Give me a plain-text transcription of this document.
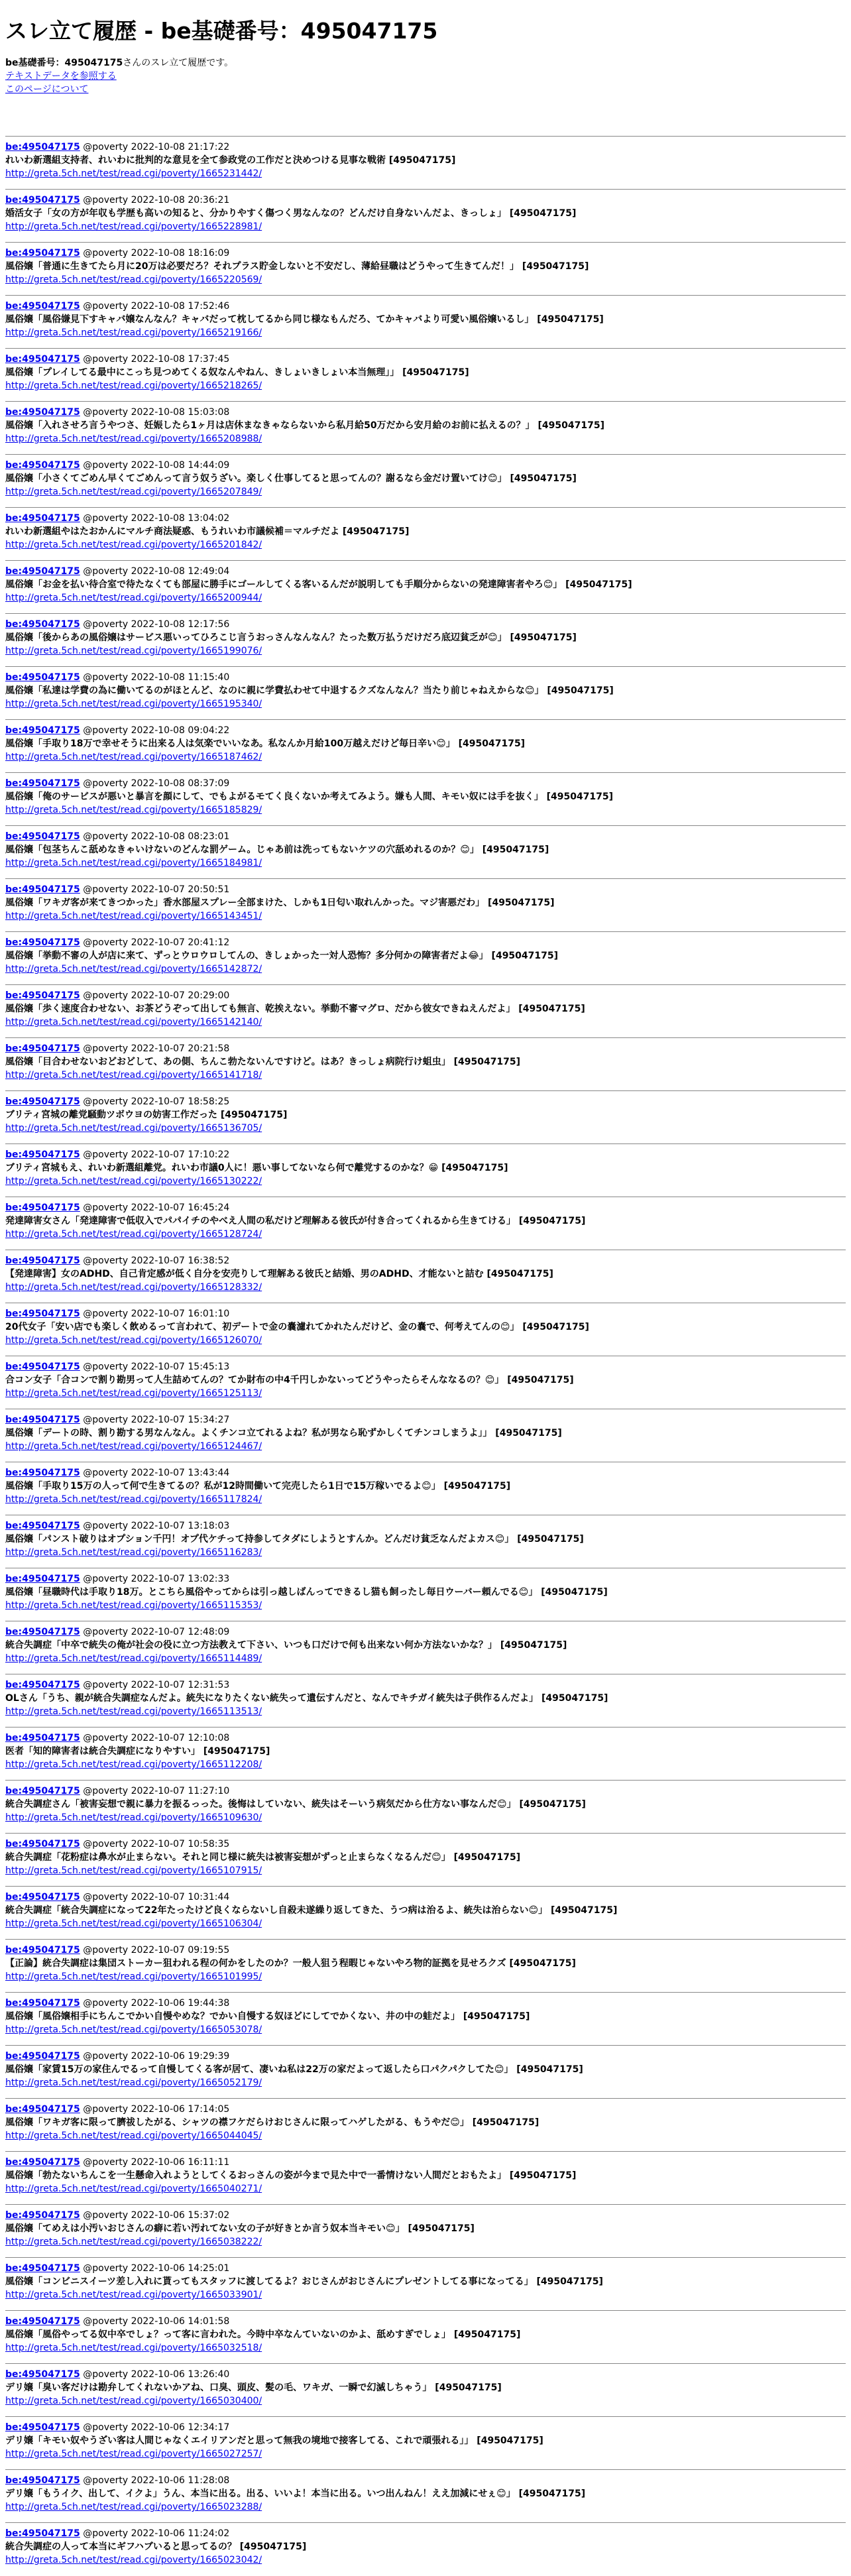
スレ立て履歴 - be基礎番号：495047175

be基礎番号：495047175さんのスレ立て履歴です。

テキストデータを参照する
このページについて
be:495047175 @poverty 2022-10-08 21:17:22
れいわ新選組支持者、れいわに批判的な意見を全て参政党の工作だと決めつける見事な戦術 [495047175]
http://greta.5ch.net/test/read.cgi/poverty/1665231442/
be:495047175 @poverty 2022-10-08 20:36:21
婚活女子「女の方が年収も学歴も高いの知ると、分かりやすく傷つく男なんなの？どんだけ自身ないんだよ、きっしょ」 [495047175]
http://greta.5ch.net/test/read.cgi/poverty/1665228981/
be:495047175 @poverty 2022-10-08 18:16:09
風俗嬢「普通に生きてたら月に20万は必要だろ？それプラス貯金しないと不安だし、薄給昼職はどうやって生きてんだ！」 [495047175]
http://greta.5ch.net/test/read.cgi/poverty/1665220569/
be:495047175 @poverty 2022-10-08 17:52:46
風俗嬢「風俗嫌見下すキャバ嬢なんなん？キャバだって枕してるから同じ様なもんだろ、てかキャバより可愛い風俗嬢いるし」 [495047175]
http://greta.5ch.net/test/read.cgi/poverty/1665219166/
be:495047175 @poverty 2022-10-08 17:37:45
風俗嬢「プレイしてる最中にこっち見つめてくる奴なんやねん、きしょいきしょい本当無理」」 [495047175]
http://greta.5ch.net/test/read.cgi/poverty/1665218265/
be:495047175 @poverty 2022-10-08 15:03:08
風俗嬢「入れさせろ言うやつさ、妊娠したら1ヶ月は店休まなきゃならないから私月給50万だから安月給のお前に払えるの？」 [495047175]
http://greta.5ch.net/test/read.cgi/poverty/1665208988/
be:495047175 @poverty 2022-10-08 14:44:09
風俗嬢「小さくてごめん早くてごめんって言う奴うざい。楽しく仕事してると思ってんの？謝るなら金だけ置いてけ😊」 [495047175]
http://greta.5ch.net/test/read.cgi/poverty/1665207849/
be:495047175 @poverty 2022-10-08 13:04:02
れいわ新選組やはたおかんにマルチ商法疑惑、もうれいわ市議候補＝マルチだよ [495047175]
http://greta.5ch.net/test/read.cgi/poverty/1665201842/
be:495047175 @poverty 2022-10-08 12:49:04
風俗嬢「お金を払い待合室で待たなくても部屋に勝手にゴールしてくる客いるんだが説明しても手順分からないの発達障害者やろ😊」 [495047175]
http://greta.5ch.net/test/read.cgi/poverty/1665200944/
be:495047175 @poverty 2022-10-08 12:17:56
風俗嬢「後からあの風俗嬢はサービス悪いってひろこじ言うおっさんなんなん？たった数万払うだけだろ底辺貧乏が😊」 [495047175]
http://greta.5ch.net/test/read.cgi/poverty/1665199076/
be:495047175 @poverty 2022-10-08 11:15:40
風俗嬢「私達は学費の為に働いてるのがほとんど、なのに親に学費払わせて中退するクズなんなん？当たり前じゃねえからな😊」 [495047175]
http://greta.5ch.net/test/read.cgi/poverty/1665195340/
be:495047175 @poverty 2022-10-08 09:04:22
風俗嬢「手取り18万で幸せそうに出来る人は気楽でいいなあ。私なんか月給100万越えだけど毎日辛い😊」 [495047175]
http://greta.5ch.net/test/read.cgi/poverty/1665187462/
be:495047175 @poverty 2022-10-08 08:37:09
風俗嬢「俺のサービスが悪いと暴言を顔にして、でもよがるモてく良くないか考えてみよう。嫌も人間、キモい奴には手を抜く」 [495047175]
http://greta.5ch.net/test/read.cgi/poverty/1665185829/
be:495047175 @poverty 2022-10-08 08:23:01
風俗嬢「包茎ちんこ舐めなきゃいけないのどんな罰ゲーム。じゃあ前は洗ってもないケツの穴舐めれるのか？😊」 [495047175]
http://greta.5ch.net/test/read.cgi/poverty/1665184981/
be:495047175 @poverty 2022-10-07 20:50:51
風俗嬢「ワキガ客が来てきつかった」香水部屋スプレー全部まけた、しかも1日匂い取れんかった。マジ害悪だわ」 [495047175]
http://greta.5ch.net/test/read.cgi/poverty/1665143451/
be:495047175 @poverty 2022-10-07 20:41:12
風俗嬢「挙動不審の人が店に来て、ずっとウロウロしてんの、きしょかった一対人恐怖？多分何かの障害者だよ😂」 [495047175]
http://greta.5ch.net/test/read.cgi/poverty/1665142872/
be:495047175 @poverty 2022-10-07 20:29:00
風俗嬢「歩く速度合わせない、お茶どうぞって出しても無言、乾挨えない。挙動不審マグロ、だから彼女できねえんだよ」 [495047175]
http://greta.5ch.net/test/read.cgi/poverty/1665142140/
be:495047175 @poverty 2022-10-07 20:21:58
風俗嬢「目合わせないおどおどして、あの側、ちんこ勃たないんですけど。はあ？きっしょ病院行け蛆虫」 [495047175]
http://greta.5ch.net/test/read.cgi/poverty/1665141718/
be:495047175 @poverty 2022-10-07 18:58:25
ブリティ宮城の離党騒動ツボウヨの妨害工作だった [495047175]
http://greta.5ch.net/test/read.cgi/poverty/1665136705/
be:495047175 @poverty 2022-10-07 17:10:22
ブリティ宮城もえ、れいわ新選組離党。れいわ市議0人に！悪い事してないなら何で離党するのかな？😁 [495047175]
http://greta.5ch.net/test/read.cgi/poverty/1665130222/
be:495047175 @poverty 2022-10-07 16:45:24
発達障害女さん「発達障害で低収入でパパイチのやべえ人間の私だけど理解ある彼氏が付き合ってくれるから生きてける」 [495047175]
http://greta.5ch.net/test/read.cgi/poverty/1665128724/
be:495047175 @poverty 2022-10-07 16:38:52
【発達障害】女のADHD、自己肯定感が低く自分を安売りして理解ある彼氏と結婚、男のADHD、才能ないと詰む [495047175]
http://greta.5ch.net/test/read.cgi/poverty/1665128332/
be:495047175 @poverty 2022-10-07 16:01:10
20代女子「安い店でも楽しく飲めるって言われて、初デートで金の嚢濾れてかれたんだけど、金の嚢で、何考えてんの😊」 [495047175]
http://greta.5ch.net/test/read.cgi/poverty/1665126070/
be:495047175 @poverty 2022-10-07 15:45:13
合コン女子「合コンで割り勘男って人生詰めてんの？てか財布の中4千円しかないってどうやったらそんななるの？😊」 [495047175]
http://greta.5ch.net/test/read.cgi/poverty/1665125113/
be:495047175 @poverty 2022-10-07 15:34:27
風俗嬢「デートの時、割り勘する男なんなん。よくチンコ立てれるよね？私が男なら恥ずかしくてチンコしまうよ」」 [495047175]
http://greta.5ch.net/test/read.cgi/poverty/1665124467/
be:495047175 @poverty 2022-10-07 13:43:44
風俗嬢「手取り15万の人って何で生きてるの？私が12時間働いて完売したら1日で15万稼いでるよ😊」 [495047175]
http://greta.5ch.net/test/read.cgi/poverty/1665117824/
be:495047175 @poverty 2022-10-07 13:18:03
風俗嬢「パンスト破りはオプション千円！オプ代ケチって持参してタダにしようとすんか。どんだけ貧乏なんだよカス😊」 [495047175]
http://greta.5ch.net/test/read.cgi/poverty/1665116283/
be:495047175 @poverty 2022-10-07 13:02:33
風俗嬢「昼職時代は手取り18万。とこちら風俗やってからは引っ越しばんってできるし猫も飼ったし毎日ウーバー頼んでる😊」 [495047175]
http://greta.5ch.net/test/read.cgi/poverty/1665115353/
be:495047175 @poverty 2022-10-07 12:48:09
統合失調症「中卒で統失の俺が社会の役に立つ方法教えて下さい、いつも口だけで何も出来ない何か方法ないかな？」 [495047175]
http://greta.5ch.net/test/read.cgi/poverty/1665114489/
be:495047175 @poverty 2022-10-07 12:31:53
OLさん「うち、親が統合失調症なんだよ。統失になりたくない統失って遺伝すんだと、なんでキチガイ統失は子供作るんだよ」 [495047175]
http://greta.5ch.net/test/read.cgi/poverty/1665113513/
be:495047175 @poverty 2022-10-07 12:10:08
医者「知的障害者は統合失調症になりやすい」 [495047175]
http://greta.5ch.net/test/read.cgi/poverty/1665112208/
be:495047175 @poverty 2022-10-07 11:27:10
統合失調症さん「被害妄想で親に暴力を振るっった。後悔はしていない、統失はそーいう病気だから仕方ない事なんだ😊」 [495047175]
http://greta.5ch.net/test/read.cgi/poverty/1665109630/
be:495047175 @poverty 2022-10-07 10:58:35
統合失調症「花粉症は鼻水が止まらない。それと同じ様に統失は被害妄想がずっと止まらなくなるんだ😊」 [495047175]
http://greta.5ch.net/test/read.cgi/poverty/1665107915/
be:495047175 @poverty 2022-10-07 10:31:44
統合失調症「統合失調症になって22年たったけど良くならないし自殺未遂繰り返してきた、うつ病は治るよ、統失は治らない😊」 [495047175]
http://greta.5ch.net/test/read.cgi/poverty/1665106304/
be:495047175 @poverty 2022-10-07 09:19:55
【正論】統合失調症は集団ストーカー狙われる程の何かをしたのか？一般人狙う程暇じゃないやろ物的証拠を見せろクズ [495047175]
http://greta.5ch.net/test/read.cgi/poverty/1665101995/
be:495047175 @poverty 2022-10-06 19:44:38
風俗嬢「風俗嬢相手にちんこでかい自慢やめな？でかい自慢する奴ほどにしてでかくない、井の中の蛙だよ」 [495047175]
http://greta.5ch.net/test/read.cgi/poverty/1665053078/
be:495047175 @poverty 2022-10-06 19:29:39
風俗嬢「家賃15万の家住んでるって自慢してくる客が居て、凄いね私は22万の家だよって返したら口パクパクしてた😊」 [495047175]
http://greta.5ch.net/test/read.cgi/poverty/1665052179/
be:495047175 @poverty 2022-10-06 17:14:05
風俗嬢「ワキガ客に限って臍祓したがる、シャツの襟フケだらけおじさんに限ってハゲしたがる、もうやだ😊」 [495047175]
http://greta.5ch.net/test/read.cgi/poverty/1665044045/
be:495047175 @poverty 2022-10-06 16:11:11
風俗嬢「勃たないちんこを一生懸命入れようとしてくるおっさんの姿が今まで見た中で一番情けない人間だとおもたよ」 [495047175]
http://greta.5ch.net/test/read.cgi/poverty/1665040271/
be:495047175 @poverty 2022-10-06 15:37:02
風俗嬢「てめえは小汚いおじさんの癖に若い汚れてない女の子が好きとか言う奴本当キモい😊」 [495047175]
http://greta.5ch.net/test/read.cgi/poverty/1665038222/
be:495047175 @poverty 2022-10-06 14:25:01
風俗嬢「コンビニスイーツ差し入れに貰ってもスタッフに渡してるよ？おじさんがおじさんにプレゼントしてる事になってる」 [495047175]
http://greta.5ch.net/test/read.cgi/poverty/1665033901/
be:495047175 @poverty 2022-10-06 14:01:58
風俗嬢「風俗やってる奴中卒でしょ？って客に言われた。今時中卒なんていないのかよ、舐めすぎでしょ」 [495047175]
http://greta.5ch.net/test/read.cgi/poverty/1665032518/
be:495047175 @poverty 2022-10-06 13:26:40
デリ嬢「臭い客だけは勘弁してくれないかアね、口臭、頭皮、髪の毛、ワキガ、一瞬で幻滅しちゃう」 [495047175]
http://greta.5ch.net/test/read.cgi/poverty/1665030400/
be:495047175 @poverty 2022-10-06 12:34:17
デリ嬢「キモい奴やうざい客は人間じゃなくエイリアンだと思って無我の境地で接客してる、これで頑張れる」」 [495047175]
http://greta.5ch.net/test/read.cgi/poverty/1665027257/
be:495047175 @poverty 2022-10-06 11:28:08
デリ嬢「もうイク、出して、イクよ」うん、本当に出る。出る、いいよ！本当に出る。いつ出んねん！ええ加減にせぇ😊」 [495047175]
http://greta.5ch.net/test/read.cgi/poverty/1665023288/
be:495047175 @poverty 2022-10-06 11:24:02
統合失調症の人って本当にギフハブいると思ってるの？ [495047175]
http://greta.5ch.net/test/read.cgi/poverty/1665023042/
